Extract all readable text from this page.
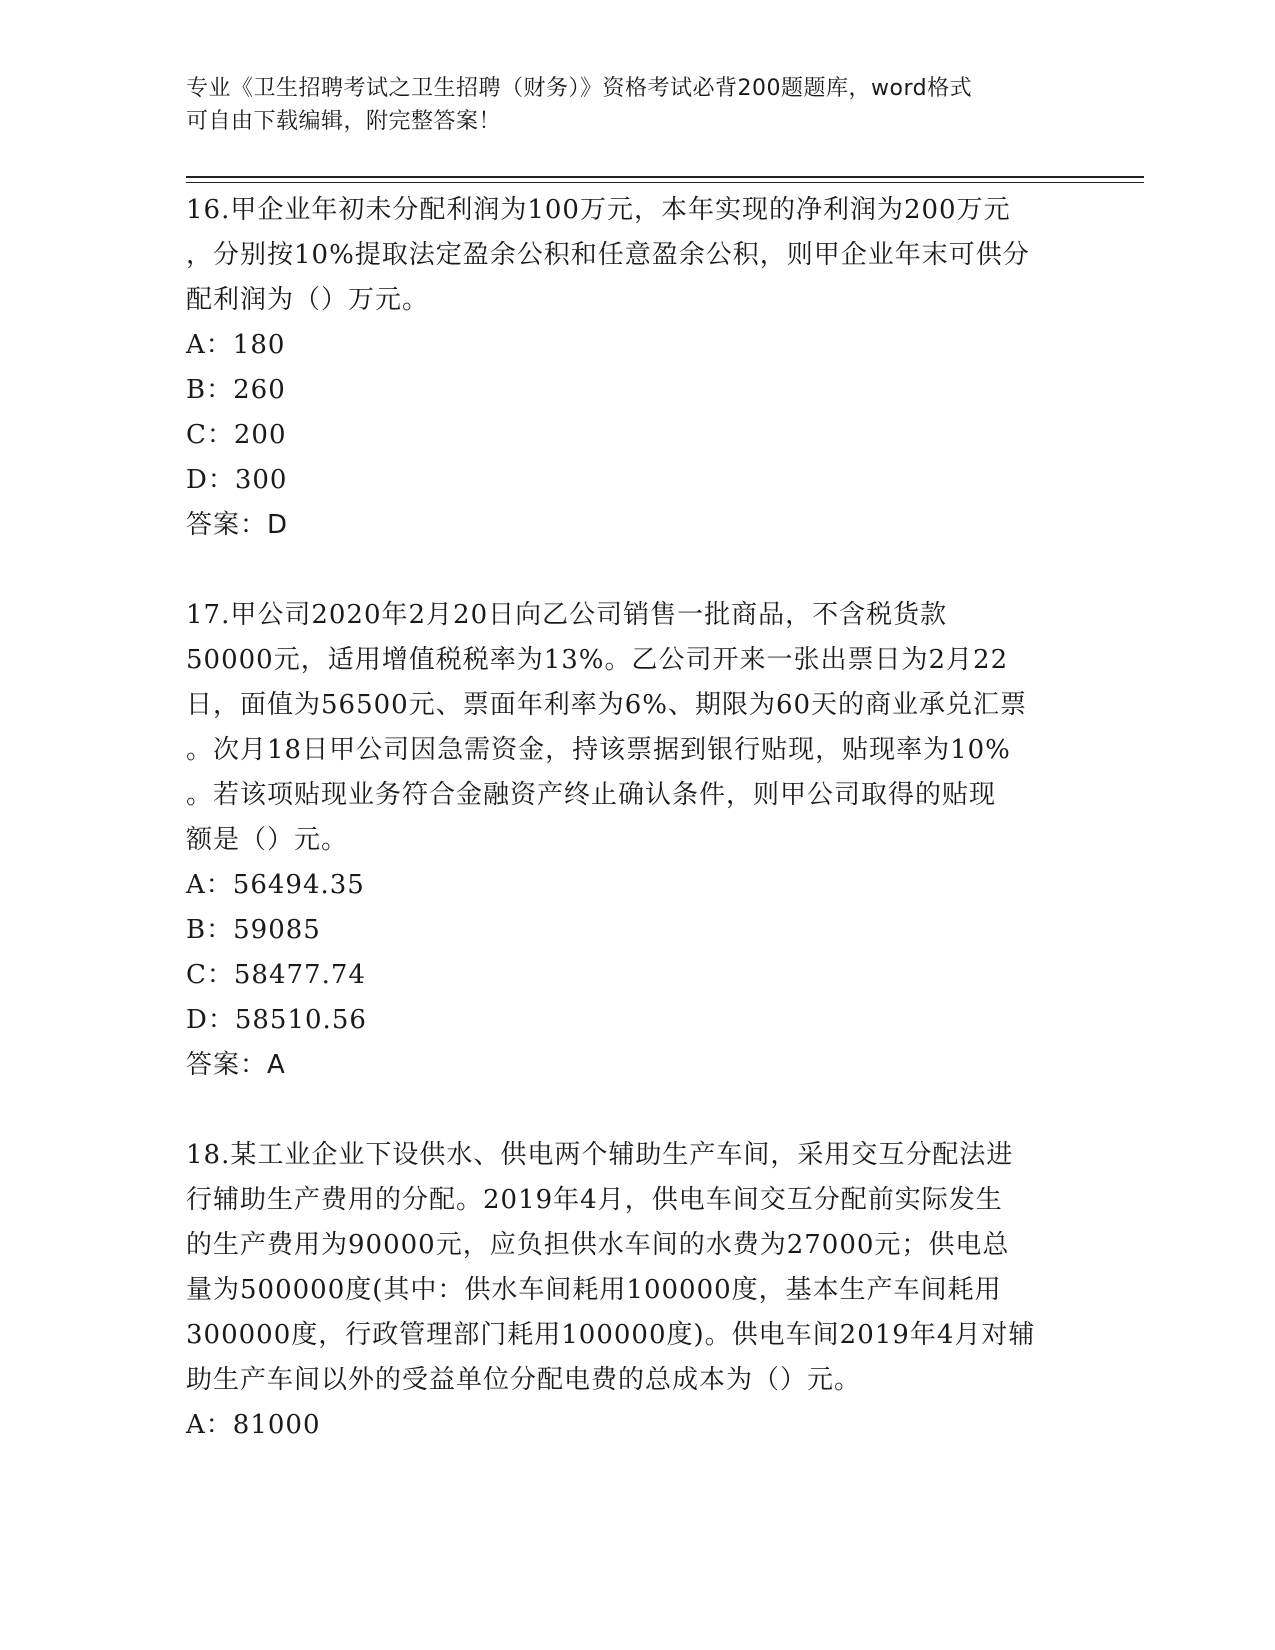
专业《卫生招聘考试之卫生招聘（财务）》资格考试必背200题题库，word格式
可自由下载编辑，附完整答案！

16.甲企业年初未分配利润为100万元，本年实现的净利润为200万元

，分别按10%提取法定盈余公积和任意盈余公积，则甲企业年末可供分

配利润为（）万元。

A：180

B：260

C：200

D：300

答案：D

17.甲公司2020年2月20日向乙公司销售一批商品，不含税货款

50000元，适用增值税税率为13%。乙公司开来一张出票日为2月22

日，面值为56500元、票面年利率为6%、期限为60天的商业承兑汇票

。次月18日甲公司因急需资金，持该票据到银行贴现，贴现率为10%

。若该项贴现业务符合金融资产终止确认条件，则甲公司取得的贴现

额是（）元。

A：56494.35

B：59085

C：58477.74

D：58510.56

答案：A

18.某工业企业下设供水、供电两个辅助生产车间，采用交互分配法进

行辅助生产费用的分配。2019年4月，供电车间交互分配前实际发生

的生产费用为90000元，应负担供水车间的水费为27000元；供电总

量为500000度(其中：供水车间耗用100000度，基本生产车间耗用

300000度，行政管理部门耗用100000度)。供电车间2019年4月对辅

助生产车间以外的受益单位分配电费的总成本为（）元。

A：81000
